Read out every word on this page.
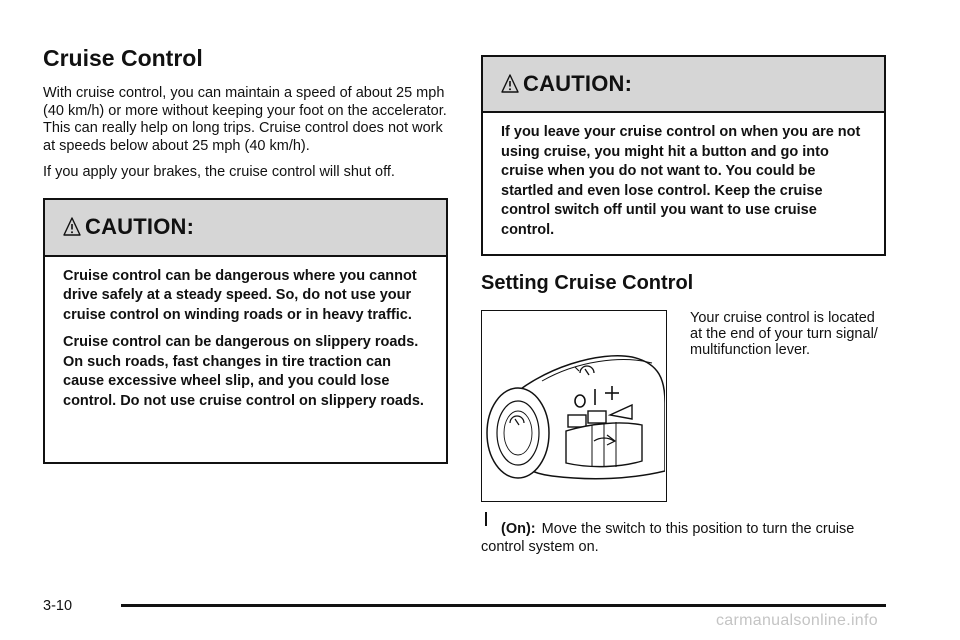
Cruise Control

With cruise control, you can maintain a speed of about 25 mph (40 km/h) or more without keeping your foot on the accelerator. This can really help on long trips. Cruise control does not work at speeds below about 25 mph (40 km/h).

If you apply your brakes, the cruise control will shut off.

CAUTION:

Cruise control can be dangerous where you cannot drive safely at a steady speed. So, do not use your cruise control on winding roads or in heavy traffic.

Cruise control can be dangerous on slippery roads. On such roads, fast changes in tire traction can cause excessive wheel slip, and you could lose control. Do not use cruise control on slippery roads.

CAUTION:

If you leave your cruise control on when you are not using cruise, you might hit a button and go into cruise when you do not want to. You could be startled and even lose control. Keep the cruise control switch off until you want to use cruise control.

Setting Cruise Control
Your cruise control is located at the end of your turn signal/ multifunction lever.
(On): Move the switch to this position to turn the cruise control system on.
3-10
carmanualsonline.info
